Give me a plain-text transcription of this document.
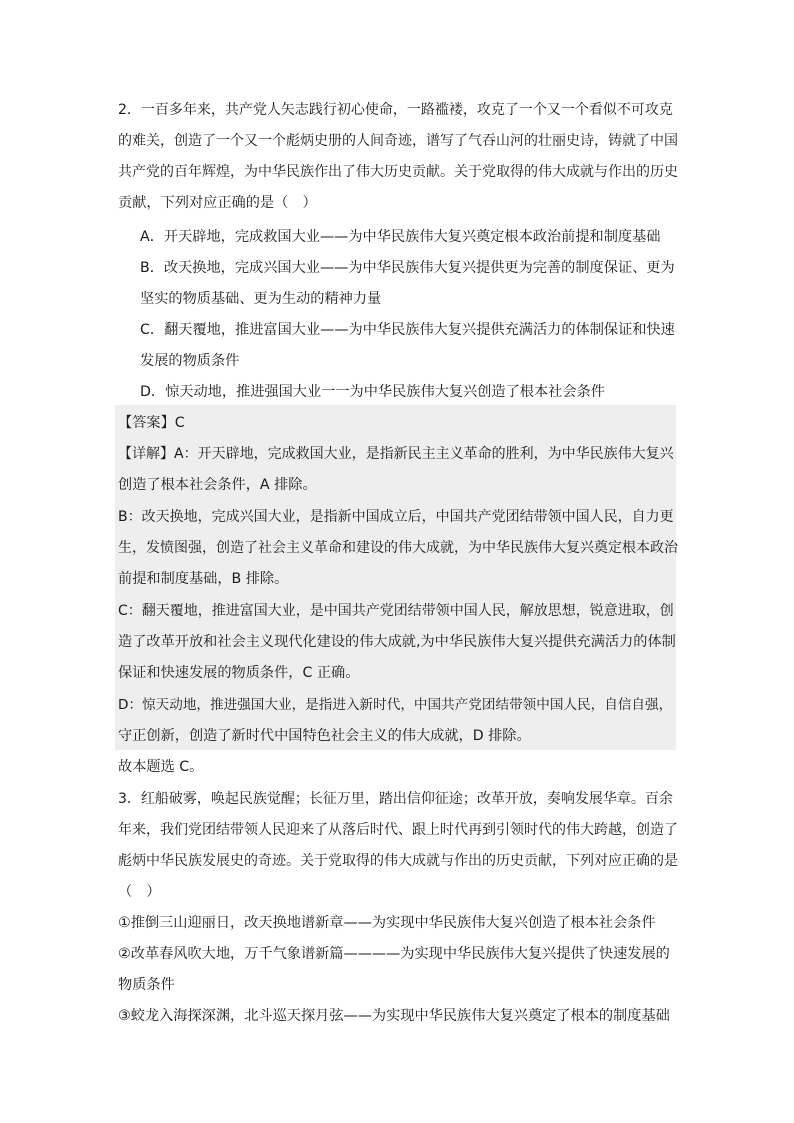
2．一百多年来，共产党人矢志践行初心使命，一路褴褛，攻克了一个又一个看似不可攻克
的难关，创造了一个又一个彪炳史册的人间奇迹，谱写了气吞山河的壮丽史诗，铸就了中国
共产党的百年辉煌，为中华民族作出了伟大历史贡献。关于党取得的伟大成就与作出的历史
贡献，下列对应正确的是（　）
A．开天辟地，完成救国大业——为中华民族伟大复兴奠定根本政治前提和制度基础
B．改天换地，完成兴国大业——为中华民族伟大复兴提供更为完善的制度保证、更为
坚实的物质基础、更为生动的精神力量
C．翻天覆地，推进富国大业——为中华民族伟大复兴提供充满活力的体制保证和快速
发展的物质条件
D．惊天动地，推进强国大业一一为中华民族伟大复兴创造了根本社会条件
【答案】C
【详解】A：开天辟地，完成救国大业，是指新民主主义革命的胜利，为中华民族伟大复兴
创造了根本社会条件，A 排除。
B：改天换地，完成兴国大业，是指新中国成立后，中国共产党团结带领中国人民，自力更
生，发愤图强，创造了社会主义革命和建设的伟大成就，为中华民族伟大复兴奠定根本政治
前提和制度基础，B 排除。
C：翻天覆地，推进富国大业，是中国共产党团结带领中国人民，解放思想，锐意进取，创
造了改革开放和社会主义现代化建设的伟大成就,为中华民族伟大复兴提供充满活力的体制
保证和快速发展的物质条件，C 正确。
D：惊天动地，推进强国大业，是指进入新时代，中国共产党团结带领中国人民，自信自强，
守正创新，创造了新时代中国特色社会主义的伟大成就，D 排除。
故本题选 C。
3．红船破雾，唤起民族觉醒；长征万里，踏出信仰征途；改革开放，奏响发展华章。百余
年来，我们党团结带领人民迎来了从落后时代、跟上时代再到引领时代的伟大跨越，创造了
彪炳中华民族发展史的奇迹。关于党取得的伟大成就与作出的历史贡献，下列对应正确的是
（　）
①推倒三山迎丽日，改天换地谱新章——为实现中华民族伟大复兴创造了根本社会条件
②改革春风吹大地，万千气象谱新篇————为实现中华民族伟大复兴提供了快速发展的
物质条件
③蛟龙入海探深渊，北斗巡天探月弦——为实现中华民族伟大复兴奠定了根本的制度基础
